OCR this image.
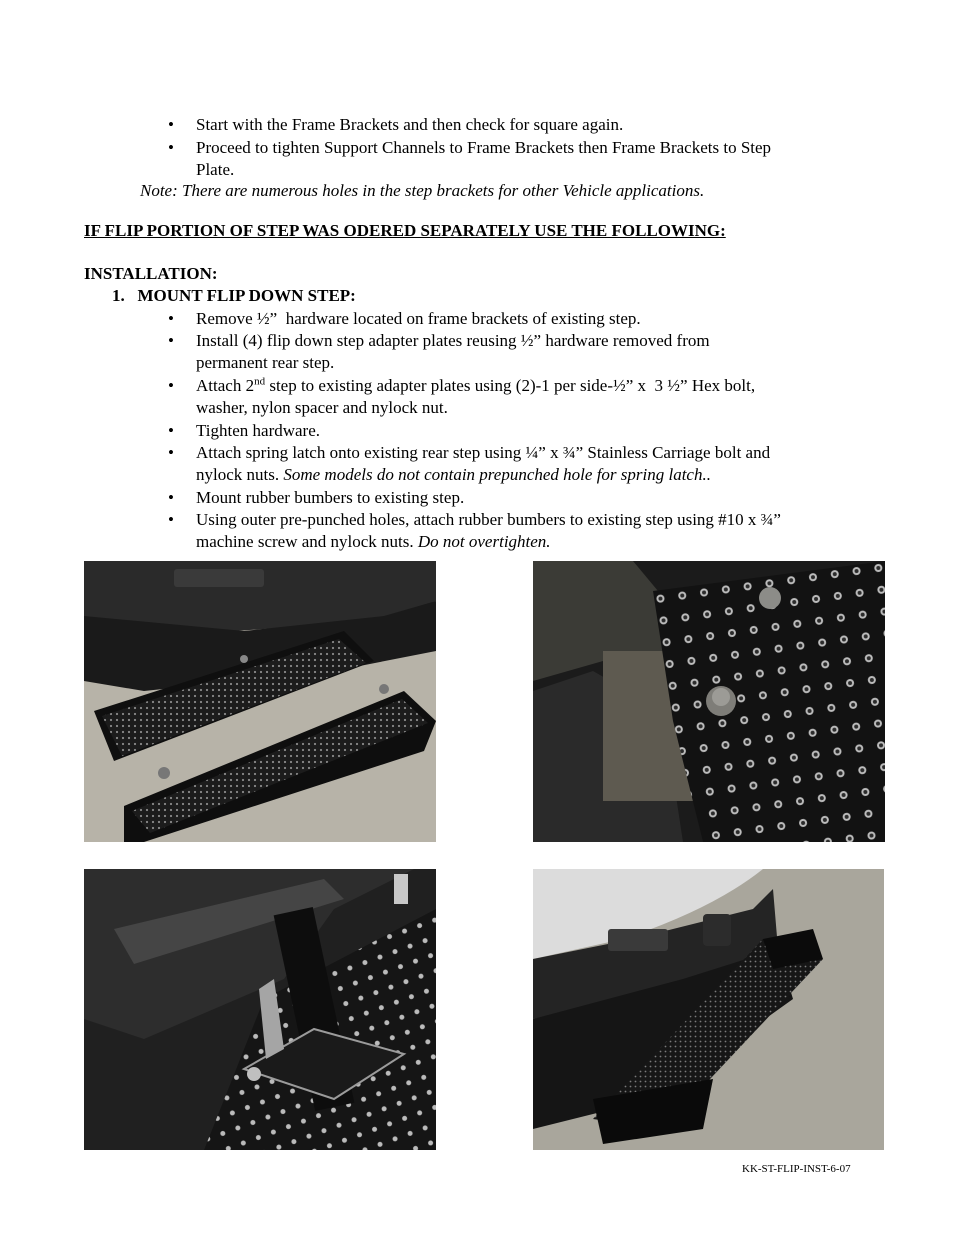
• Start with the Frame Brackets and then check for square again.
• Proceed to tighten Support Channels to Frame Brackets then Frame Brackets to Step
Plate.
Note: There are numerous holes in the step brackets for other Vehicle applications.
IF FLIP PORTION OF STEP WAS ODERED SEPARATELY USE THE FOLLOWING:
INSTALLATION:
1.   MOUNT FLIP DOWN STEP:
• Remove ½”  hardware located on frame brackets of existing step.
• Install (4) flip down step adapter plates reusing ½” hardware removed from
permanent rear step.
• Attach 2nd step to existing adapter plates using (2)-1 per side-½” x  3 ½” Hex bolt,
washer, nylon spacer and nylock nut.
• Tighten hardware.
• Attach spring latch onto existing rear step using ¼” x ¾” Stainless Carriage bolt and
nylock nuts. Some models do not contain prepunched hole for spring latch..
• Mount rubber bumbers to existing step.
• Using outer pre-punched holes, attach rubber bumbers to existing step using #10 x ¾”
machine screw and nylock nuts. Do not overtighten.
KK-ST-FLIP-INST-6-07
